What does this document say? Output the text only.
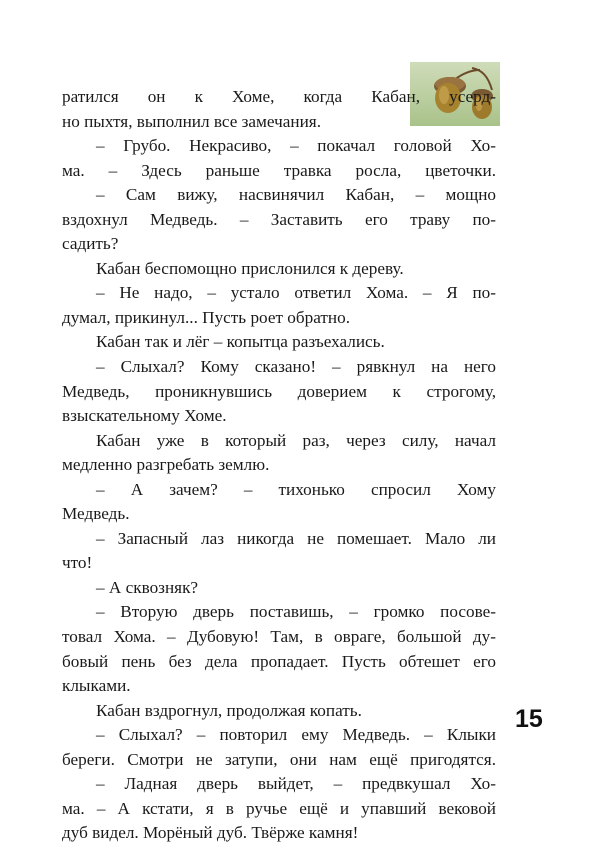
ратился он к Хоме, когда Кабан, усерд-
но пыхтя, выполнил все замечания.
– Грубо. Некрасиво, – покачал головой Хо-
ма. – Здесь раньше травка росла, цветочки.
– Сам вижу, насвинячил Кабан, – мощно
вздохнул Медведь. – Заставить его траву по-
садить?
Кабан беспомощно прислонился к дереву.
– Не надо, – устало ответил Хома. – Я по-
думал, прикинул... Пусть роет обратно.
Кабан так и лёг – копытца разъехались.
– Слыхал? Кому сказано! – рявкнул на него
Медведь, проникнувшись доверием к строгому,
взыскательному Хоме.
Кабан уже в который раз, через силу, начал
медленно разгребать землю.
– А зачем? – тихонько спросил Хому
Медведь.
– Запасный лаз никогда не помешает. Мало ли
что!
– А сквозняк?
– Вторую дверь поставишь, – громко посове-
товал Хома. – Дубовую! Там, в овраге, большой ду-
бовый пень без дела пропадает. Пусть обтешет его
клыками.
Кабан вздрогнул, продолжая копать.
– Слыхал? – повторил ему Медведь. – Клыки
береги. Смотри не затупи, они нам ещё пригодятся.
– Ладная дверь выйдет, – предвкушал Хо-
ма. – А кстати, я в ручье ещё и упавший вековой
дуб видел. Морёный дуб. Твёрже камня!
15
